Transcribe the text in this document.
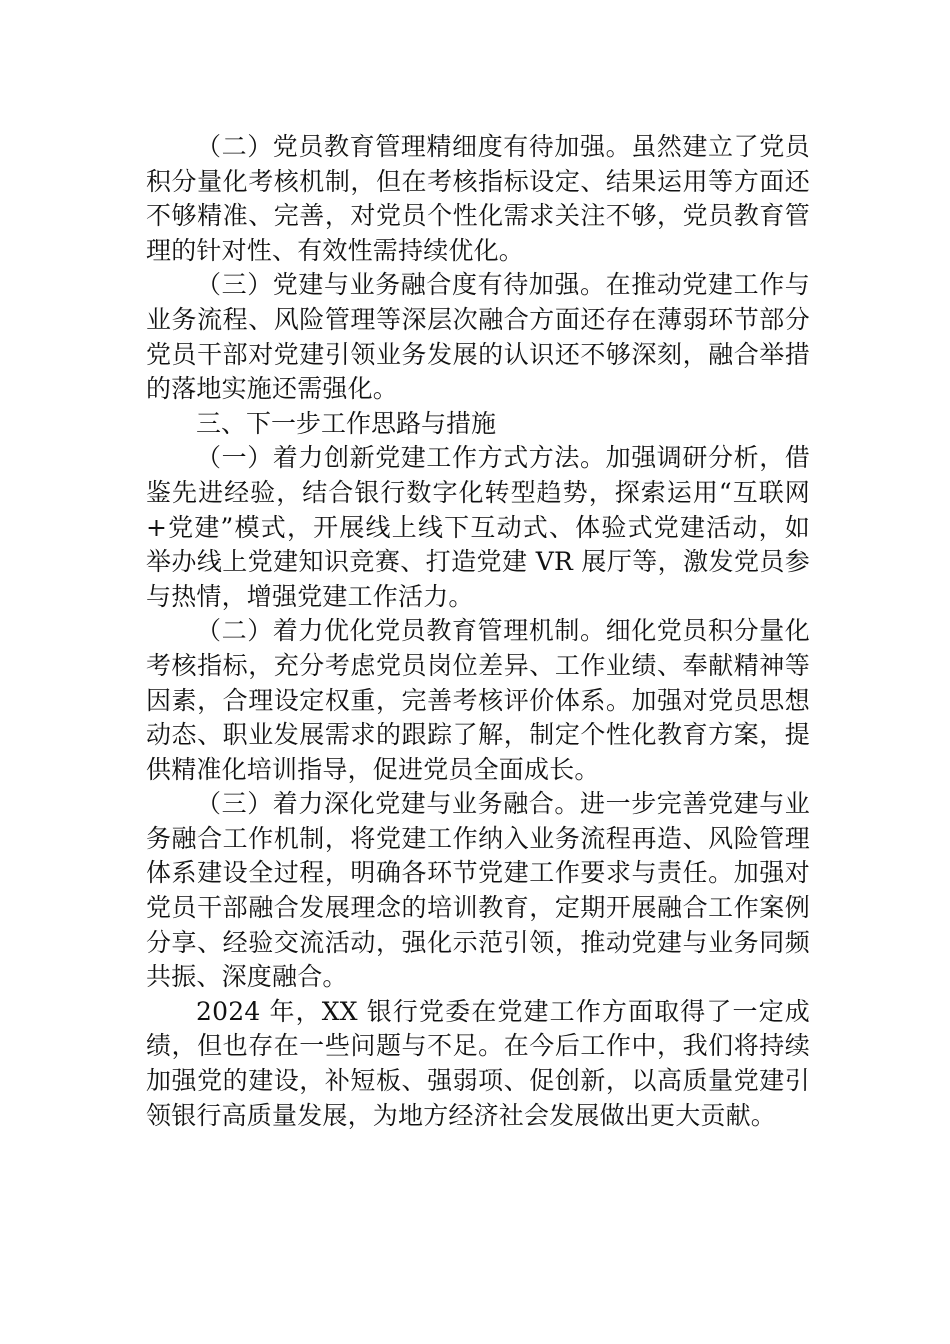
（二）党员教育管理精细度有待加强。虽然建立了党员积分量化考核机制，但在考核指标设定、结果运用等方面还不够精准、完善，对党员个性化需求关注不够，党员教育管理的针对性、有效性需持续优化。

（三）党建与业务融合度有待加强。在推动党建工作与业务流程、风险管理等深层次融合方面还存在薄弱环节部分党员干部对党建引领业务发展的认识还不够深刻，融合举措的落地实施还需强化。

三、下一步工作思路与措施

（一）着力创新党建工作方式方法。加强调研分析，借鉴先进经验，结合银行数字化转型趋势，探索运用“互联网+党建”模式，开展线上线下互动式、体验式党建活动，如举办线上党建知识竞赛、打造党建 VR 展厅等，激发党员参与热情，增强党建工作活力。

（二）着力优化党员教育管理机制。细化党员积分量化考核指标，充分考虑党员岗位差异、工作业绩、奉献精神等因素，合理设定权重，完善考核评价体系。加强对党员思想动态、职业发展需求的跟踪了解，制定个性化教育方案，提供精准化培训指导，促进党员全面成长。

（三）着力深化党建与业务融合。进一步完善党建与业务融合工作机制，将党建工作纳入业务流程再造、风险管理体系建设全过程，明确各环节党建工作要求与责任。加强对党员干部融合发展理念的培训教育，定期开展融合工作案例分享、经验交流活动，强化示范引领，推动党建与业务同频共振、深度融合。

2024 年，XX 银行党委在党建工作方面取得了一定成绩，但也存在一些问题与不足。在今后工作中，我们将持续加强党的建设，补短板、强弱项、促创新，以高质量党建引领银行高质量发展，为地方经济社会发展做出更大贡献。
